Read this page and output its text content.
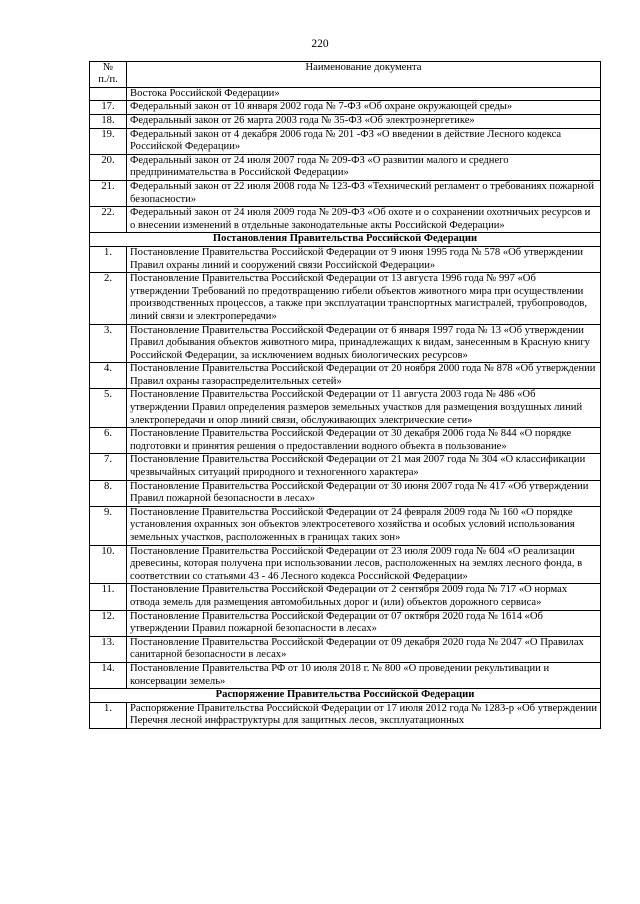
220
№
п./п.	Наименование документа
	Востока Российской Федерации»
17.	Федеральный закон от 10 января 2002 года № 7-ФЗ «Об охране окружающей среды»
18.	Федеральный закон от 26 марта 2003 года № 35-ФЗ «Об электроэнергетике»
19.	Федеральный закон от 4 декабря 2006 года № 201 -ФЗ «О введении в действие Лесного кодекса Российской Федерации»
20.	Федеральный закон от 24 июля 2007 года № 209-ФЗ «О развитии малого и среднего предпринимательства в Российской Федерации»
21.	Федеральный закон от 22 июля 2008 года № 123-ФЗ «Технический регламент о требованиях пожарной безопасности»
22.	Федеральный закон от 24 июля 2009 года № 209-ФЗ «Об охоте и о сохранении охотничьих ресурсов и о внесении изменений в отдельные законодательные акты Российской Федерации»
Постановления Правительства Российской Федерации	
1.	Постановление Правительства Российской Федерации от 9 июня 1995 года № 578 «Об утверждении Правил охраны линий и сооружений связи Российской Федерации»
2.	Постановление Правительства Российской Федерации от 13 августа 1996 года № 997 «Об утверждении Требований по предотвращению гибели объектов животного мира при осуществлении производственных процессов, а также при эксплуатации транспортных магистралей, трубопроводов, линий связи и электропередачи»
3.	Постановление Правительства Российской Федерации от 6 января 1997 года № 13 «Об утверждении Правил добывания объектов животного мира, принадлежащих к видам, занесенным в Красную книгу Российской Федерации, за исключением водных биологических ресурсов»
4.	Постановление Правительства Российской Федерации от 20 ноября 2000 года № 878 «Об утверждении Правил охраны газораспределительных сетей»
5.	Постановление Правительства Российской Федерации от 11 августа 2003 года № 486 «Об утверждении Правил определения размеров земельных участков для размещения воздушных линий электропередачи и опор линий связи, обслуживающих электрические сети»
6.	Постановление Правительства Российской Федерации от 30 декабря 2006 года № 844 «О порядке подготовки и принятия решения о предоставлении водного объекта в пользование»
7.	Постановление Правительства Российской Федерации от 21 мая 2007 года № 304 «О классификации чрезвычайных ситуаций природного и техногенного характера»
8.	Постановление Правительства Российской Федерации от 30 июня 2007 года № 417 «Об утверждении Правил пожарной безопасности в лесах»
9.	Постановление Правительства Российской Федерации от 24 февраля 2009 года № 160 «О порядке установления охранных зон объектов электросетевого хозяйства и особых условий использования земельных участков, расположенных в границах таких зон»
10.	Постановление Правительства Российской Федерации от 23 июля 2009 года № 604 «О реализации древесины, которая получена при использовании лесов, расположенных на землях лесного фонда, в соответствии со статьями 43 - 46 Лесного кодекса Российской Федерации»
11.	Постановление Правительства Российской Федерации от 2 сентября 2009 года № 717 «О нормах отвода земель для размещения автомобильных дорог и (или) объектов дорожного сервиса»
12.	Постановление Правительства Российской Федерации от 07 октября 2020 года № 1614 «Об утверждении Правил пожарной безопасности в лесах»
13.	Постановление Правительства Российской Федерации от 09 декабря 2020 года № 2047 «О Правилах санитарной безопасности в лесах»
14.	Постановление Правительства РФ от 10 июля 2018 г. № 800 «О проведении рекультивации и консервации земель»
Распоряжение Правительства Российской Федерации	
1.	Распоряжение Правительства Российской Федерации от 17 июля 2012 года № 1283-р «Об утверждении Перечня лесной инфраструктуры для защитных лесов, эксплуатационных
